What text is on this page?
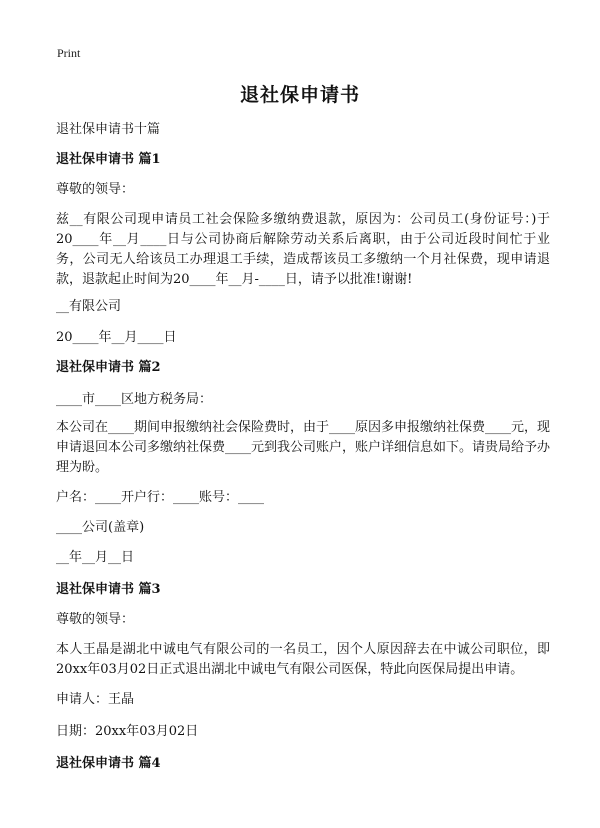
Print
退社保申请书
退社保申请书十篇
退社保申请书 篇1
尊敬的领导：
兹__有限公司现申请员工社会保险多缴纳费退款，原因为：公司员工(身份证号：)于20____年__月____日与公司协商后解除劳动关系后离职，由于公司近段时间忙于业务，公司无人给该员工办理退工手续，造成帮该员工多缴纳一个月社保费，现申请退款，退款起止时间为20____年__月-____日，请予以批准!谢谢!
__有限公司
20____年__月____日
退社保申请书 篇2
____市____区地方税务局：
本公司在____期间申报缴纳社会保险费时，由于____原因多申报缴纳社保费____元，现申请退回本公司多缴纳社保费____元到我公司账户，账户详细信息如下。请贵局给予办理为盼。
户名：____开户行：____账号：____
____公司(盖章)
__年__月__日
退社保申请书 篇3
尊敬的领导：
本人王晶是湖北中诚电气有限公司的一名员工，因个人原因辞去在中诚公司职位，即20xx年03月02日正式退出湖北中诚电气有限公司医保，特此向医保局提出申请。
申请人：王晶
日期：20xx年03月02日
退社保申请书 篇4
